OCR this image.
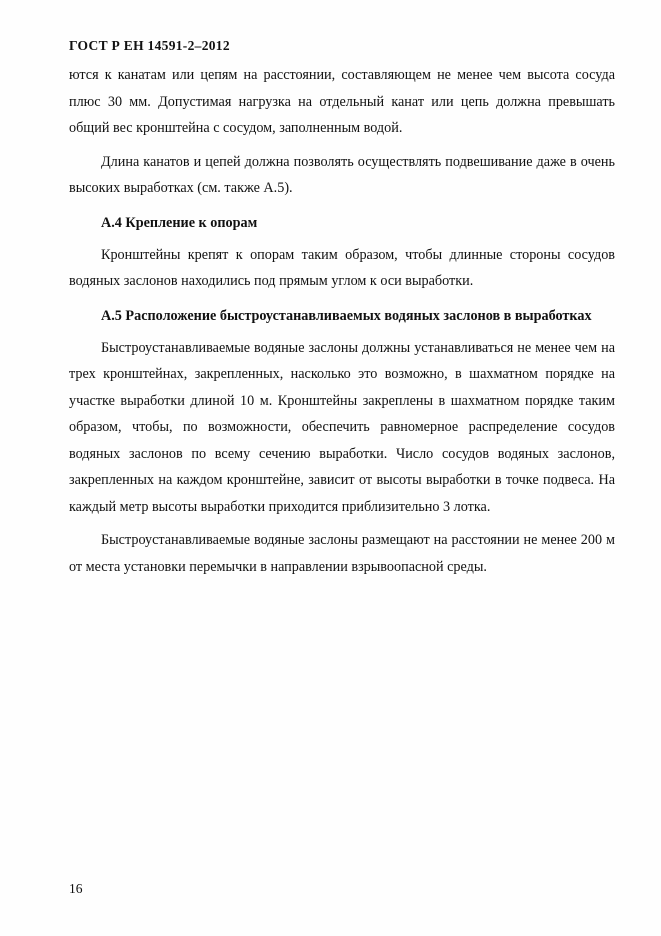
ГОСТ Р ЕН 14591-2–2012

ются к канатам или цепям на расстоянии, составляющем не менее чем высота сосуда плюс 30 мм. Допустимая нагрузка на отдельный канат или цепь должна превышать общий вес кронштейна с сосудом, заполненным водой.

Длина канатов и цепей должна позволять осуществлять подвешивание даже в очень высоких выработках (см. также А.5).

А.4 Крепление к опорам

Кронштейны крепят к опорам таким образом, чтобы длинные стороны сосудов водяных заслонов находились под прямым углом к оси выработки.

А.5 Расположение быстроустанавливаемых водяных заслонов в выработках

Быстроустанавливаемые водяные заслоны должны устанавливаться не менее чем на трех кронштейнах, закрепленных, насколько это возможно, в шахматном порядке на участке выработки длиной 10 м. Кронштейны закреплены в шахматном порядке таким образом, чтобы, по возможности, обеспечить равномерное распределение сосудов водяных заслонов по всему сечению выработки. Число сосудов водяных заслонов, закрепленных на каждом кронштейне, зависит от высоты выработки в точке подвеса. На каждый метр высоты выработки приходится приблизительно 3 лотка.

Быстроустанавливаемые водяные заслоны размещают на расстоянии не менее 200 м от места установки перемычки в направлении взрывоопасной среды.

16
